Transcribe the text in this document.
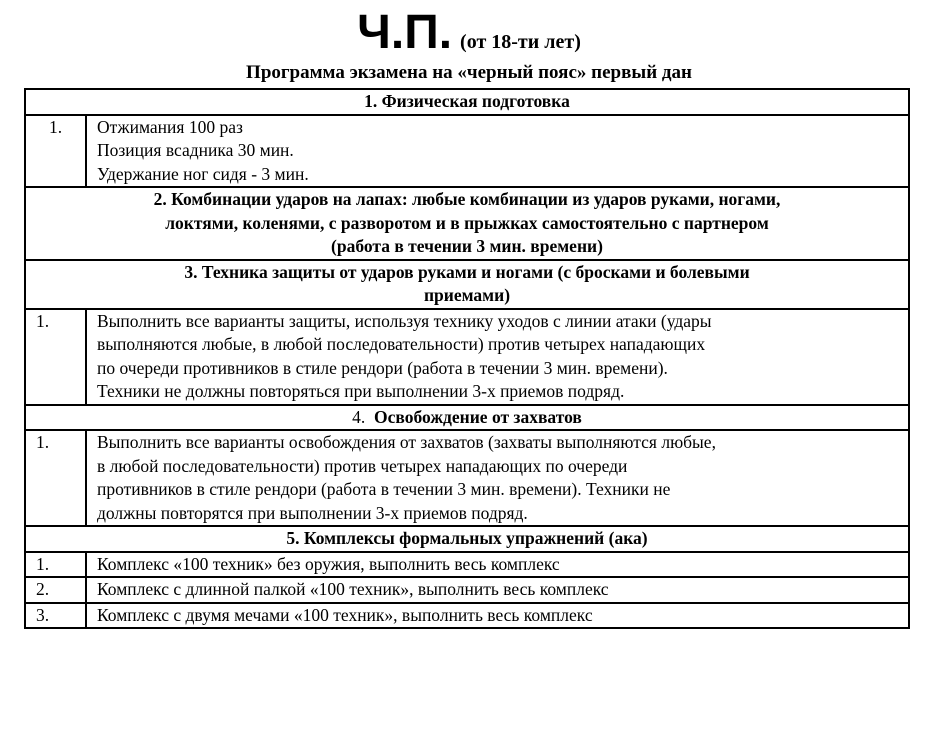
Ч.П. (от 18-ти лет)
Программа экзамена на «черный пояс» первый дан
1. Физическая подготовка	
1.	Отжимания 100 раз
Позиция всадника 30 мин.
Удержание ног сидя - 3 мин.

2. Комбинации ударов на лапах: любые комбинации из ударов руками, ногами,
локтями, коленями, с разворотом и в прыжках самостоятельно с партнером
(работа в течении 3 мин. времени)	

3. Техника защиты от ударов руками и ногами (с бросками и болевыми
приемами)	

1.	Выполнить все варианты защиты, используя технику уходов с линии атаки (удары
выполняются любые, в любой последовательности) против четырех нападающих
по очереди противников в стиле рендори (работа в течении 3 мин. времени).
Техники не должны повторяться при выполнении 3-х приемов подряд.

4. Освобождение от захватов	
1.	Выполнить все варианты освобождения от захватов (захваты выполняются любые,
в любой последовательности) против четырех нападающих по очереди
противников в стиле рендори (работа в течении 3 мин. времени). Техники не
должны повторятся при выполнении 3-х приемов подряд.

5. Комплексы формальных упражнений (ака)	
1.	Комплекс «100 техник» без оружия, выполнить весь комплекс
2.	Комплекс с длинной палкой «100 техник», выполнить весь комплекс
3.	Комплекс с двумя мечами «100 техник», выполнить весь комплекс
